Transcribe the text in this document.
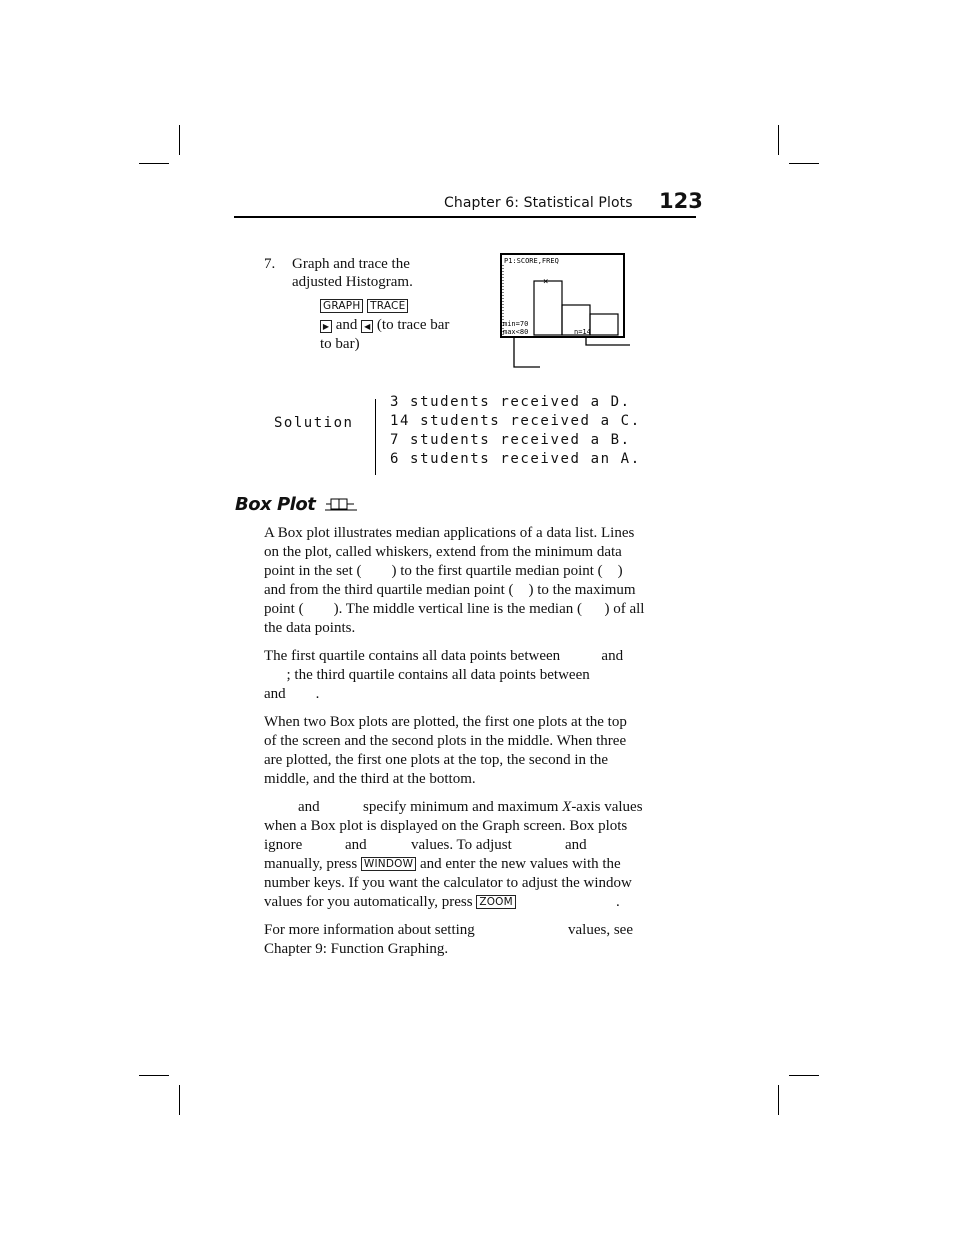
Chapter 6: Statistical Plots 123
7. Graph and trace the
adjusted Histogram.
GRAPH TRACE
▶ and ◀ (to trace bar
to bar)
P1:SCORE,FREQ
×
min=70
max<80	n=14
Solution
3 students received a D.
14 students received a C.
7 students received a B.
6 students received an A.
Box Plot
A Box plot illustrates median applications of a data list. Lines
on the plot, called whiskers, extend from the minimum data
point in the set (        ) to the first quartile median point (    )
and from the third quartile median point (    ) to the maximum
point (        ). The middle vertical line is the median (      ) of all
the data points.
The first quartile contains all data points between           and
; the third quartile contains all data points between
and        .
When two Box plots are plotted, the first one plots at the top
of the screen and the second plots in the middle. When three
are plotted, the first one plots at the top, the second in the
middle, and the third at the bottom.
and	specify minimum and maximum X-axis values
when a Box plot is displayed on the Graph screen. Box plots
ignore	and	values. To adjust	and
manually, press WINDOW and enter the new values with the
number keys. If you want the calculator to adjust the window
values for you automatically, press ZOOM	.
For more information about setting	values, see
Chapter 9: Function Graphing.
